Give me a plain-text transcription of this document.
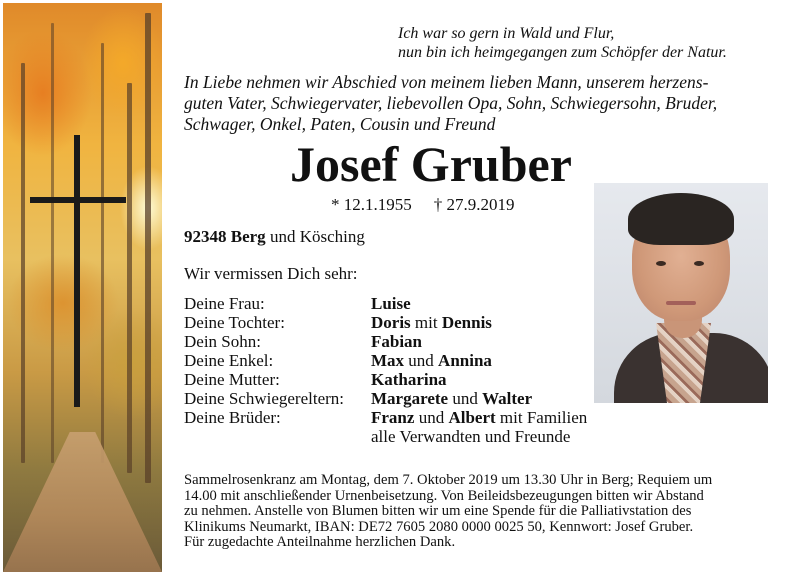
Ich war so gern in Wald und Flur,
nun bin ich heimgegangen zum Schöpfer der Natur.
In Liebe nehmen wir Abschied von meinem lieben Mann, unserem herzens-
guten Vater, Schwiegervater, liebevollen Opa, Sohn, Schwiegersohn, Bruder,
Schwager, Onkel, Paten, Cousin und Freund
Josef Gruber
* 12.1.1955 † 27.9.2019
92348 Berg und Kösching
Wir vermissen Dich sehr:
Deine Frau:	Luise
Deine Tochter:	Doris mit Dennis
Dein Sohn:	Fabian
Deine Enkel:	Max und Annina
Deine Mutter:	Katharina
Deine Schwiegereltern:	Margarete und Walter
Deine Brüder:	Franz und Albert mit Familien
alle Verwandten und Freunde
Sammelrosenkranz am Montag, dem 7. Oktober 2019 um 13.30 Uhr in Berg; Requiem um
14.00 mit anschließender Urnenbeisetzung. Von Beileidsbezeugungen bitten wir Abstand
zu nehmen. Anstelle von Blumen bitten wir um eine Spende für die Palliativstation des
Klinikums Neumarkt, IBAN: DE72 7605 2080 0000 0025 50, Kennwort: Josef Gruber.
Für zugedachte Anteilnahme herzlichen Dank.
